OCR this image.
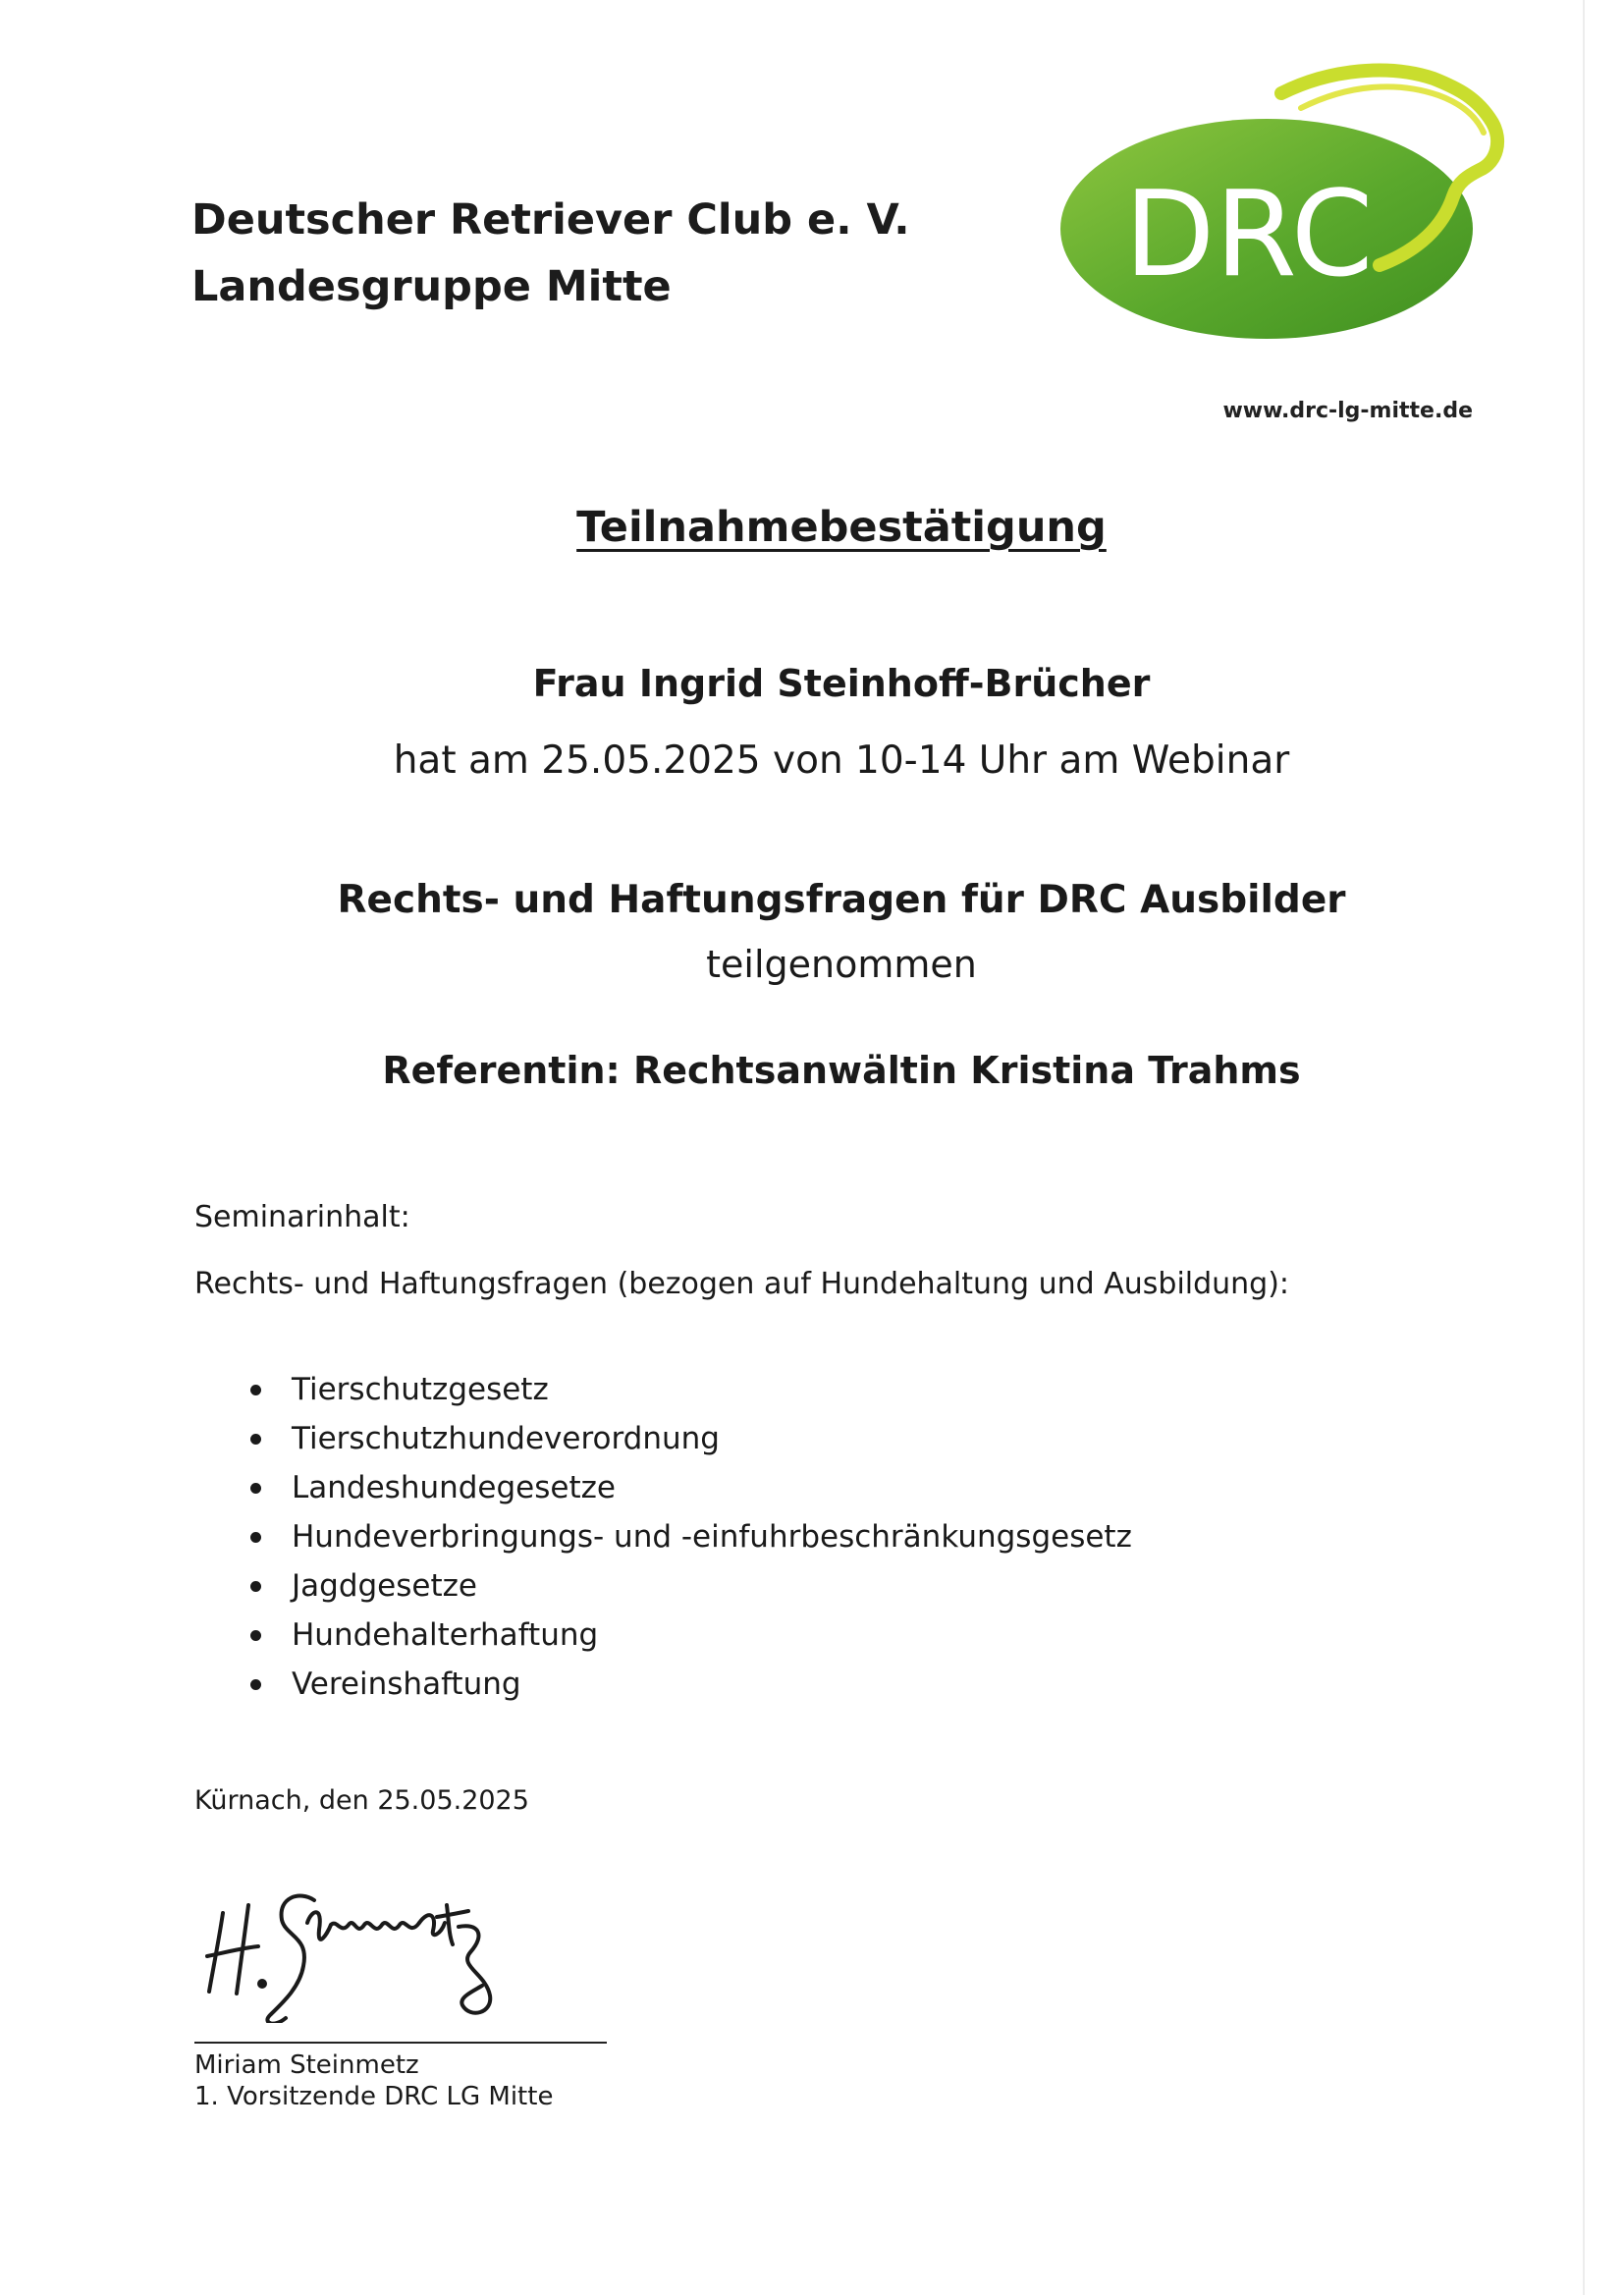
Deutscher Retriever Club e. V.
Landesgruppe Mitte	DRC
www.drc-lg-mitte.de
Teilnahmebestätigung
Frau Ingrid Steinhoff-Brücher
hat am 25.05.2025 von 10-14 Uhr am Webinar
Rechts- und Haftungsfragen für DRC Ausbilder
teilgenommen
Referentin: Rechtsanwältin Kristina Trahms
Seminarinhalt:
Rechts- und Haftungsfragen (bezogen auf Hundehaltung und Ausbildung):
Tierschutzgesetz
Tierschutzhundeverordnung
Landeshundegesetze
Hundeverbringungs- und -einfuhrbeschränkungsgesetz
Jagdgesetze
Hundehalterhaftung
Vereinshaftung
Kürnach, den 25.05.2025
Miriam Steinmetz
1. Vorsitzende DRC LG Mitte
